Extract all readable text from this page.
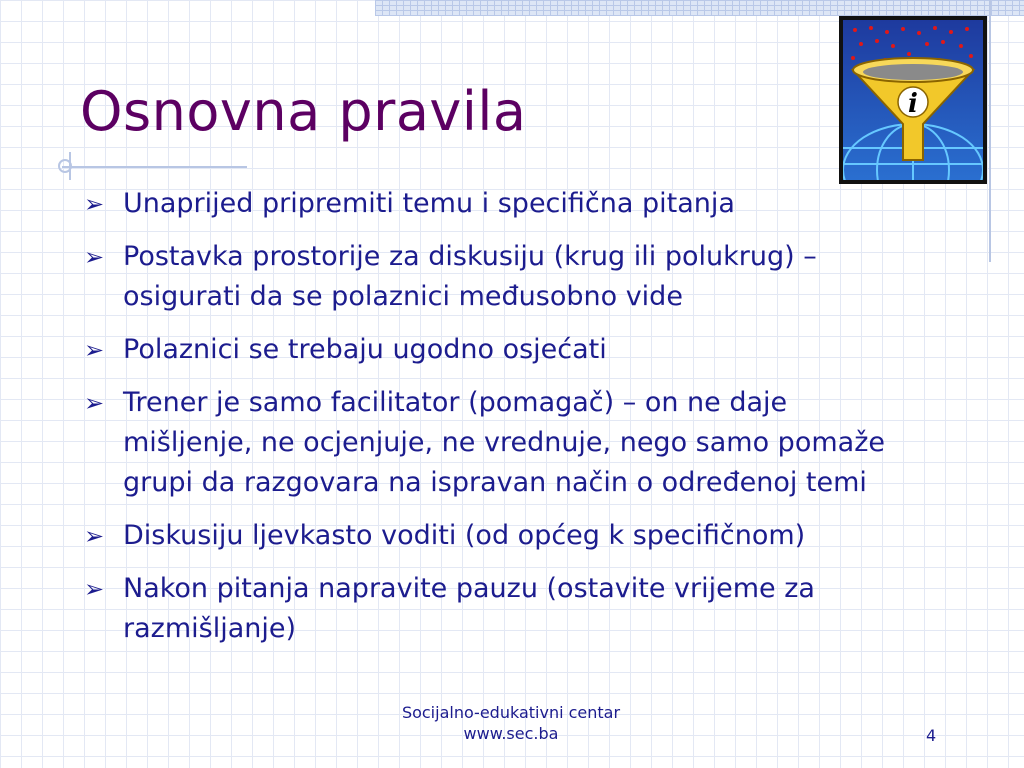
Osnovna pravila	i
➢ Unaprijed pripremiti temu i specifična pitanja
➢ Postavka prostorije za diskusiju (krug ili polukrug) – osigurati da se polaznici međusobno vide
➢ Polaznici se trebaju ugodno osjećati
➢ Trener je samo facilitator (pomagač) – on ne daje mišljenje, ne ocjenjuje, ne vrednuje, nego samo pomaže grupi da razgovara na ispravan način o određenoj temi
➢ Diskusiju ljevkasto voditi (od općeg k specifičnom)
➢ Nakon pitanja napravite pauzu (ostavite vrijeme za razmišljanje)
Socijalno-edukativni centar
www.sec.ba	4
